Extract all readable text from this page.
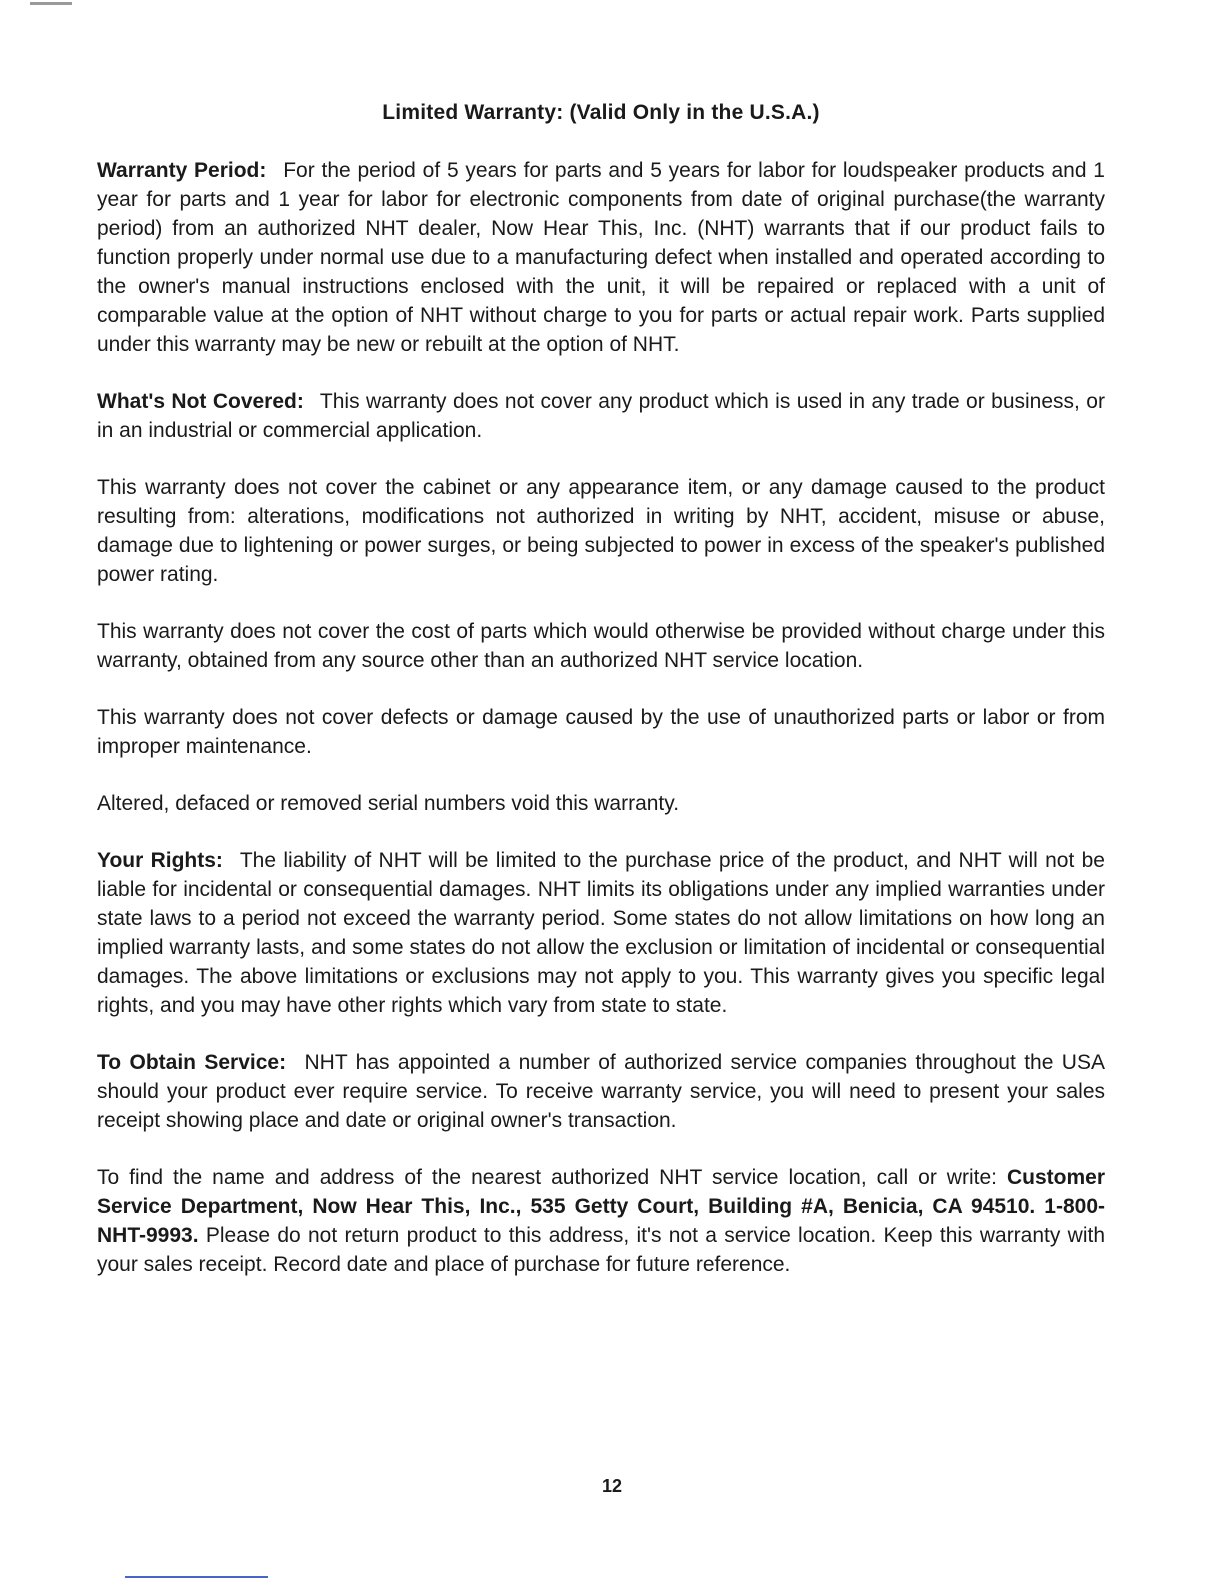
Limited Warranty: (Valid Only in the U.S.A.)

Warranty Period: For the period of 5 years for parts and 5 years for labor for loudspeaker products and 1 year for parts and 1 year for labor for electronic components from date of original purchase(the warranty period) from an authorized NHT dealer, Now Hear This, Inc. (NHT) warrants that if our product fails to function properly under normal use due to a manufacturing defect when installed and operated according to the owner's manual instructions enclosed with the unit, it will be repaired or replaced with a unit of comparable value at the option of NHT without charge to you for parts or actual repair work. Parts supplied under this warranty may be new or rebuilt at the option of NHT.

What's Not Covered: This warranty does not cover any product which is used in any trade or business, or in an industrial or commercial application.

This warranty does not cover the cabinet or any appearance item, or any damage caused to the product resulting from: alterations, modifications not authorized in writing by NHT, accident, misuse or abuse, damage due to lightening or power surges, or being subjected to power in excess of the speaker's published power rating.

This warranty does not cover the cost of parts which would otherwise be provided without charge under this warranty, obtained from any source other than an authorized NHT service location.

This warranty does not cover defects or damage caused by the use of unauthorized parts or labor or from improper maintenance.

Altered, defaced or removed serial numbers void this warranty.

Your Rights: The liability of NHT will be limited to the purchase price of the product, and NHT will not be liable for incidental or consequential damages. NHT limits its obligations under any implied warranties under state laws to a period not exceed the warranty period. Some states do not allow limitations on how long an implied warranty lasts, and some states do not allow the exclusion or limitation of incidental or consequential damages. The above limitations or exclusions may not apply to you. This warranty gives you specific legal rights, and you may have other rights which vary from state to state.

To Obtain Service: NHT has appointed a number of authorized service companies throughout the USA should your product ever require service. To receive warranty service, you will need to present your sales receipt showing place and date or original owner's transaction.

To find the name and address of the nearest authorized NHT service location, call or write: Customer Service Department, Now Hear This, Inc., 535 Getty Court, Building #A, Benicia, CA 94510. 1-800-NHT-9993. Please do not return product to this address, it's not a service location. Keep this warranty with your sales receipt. Record date and place of purchase for future reference.

12
